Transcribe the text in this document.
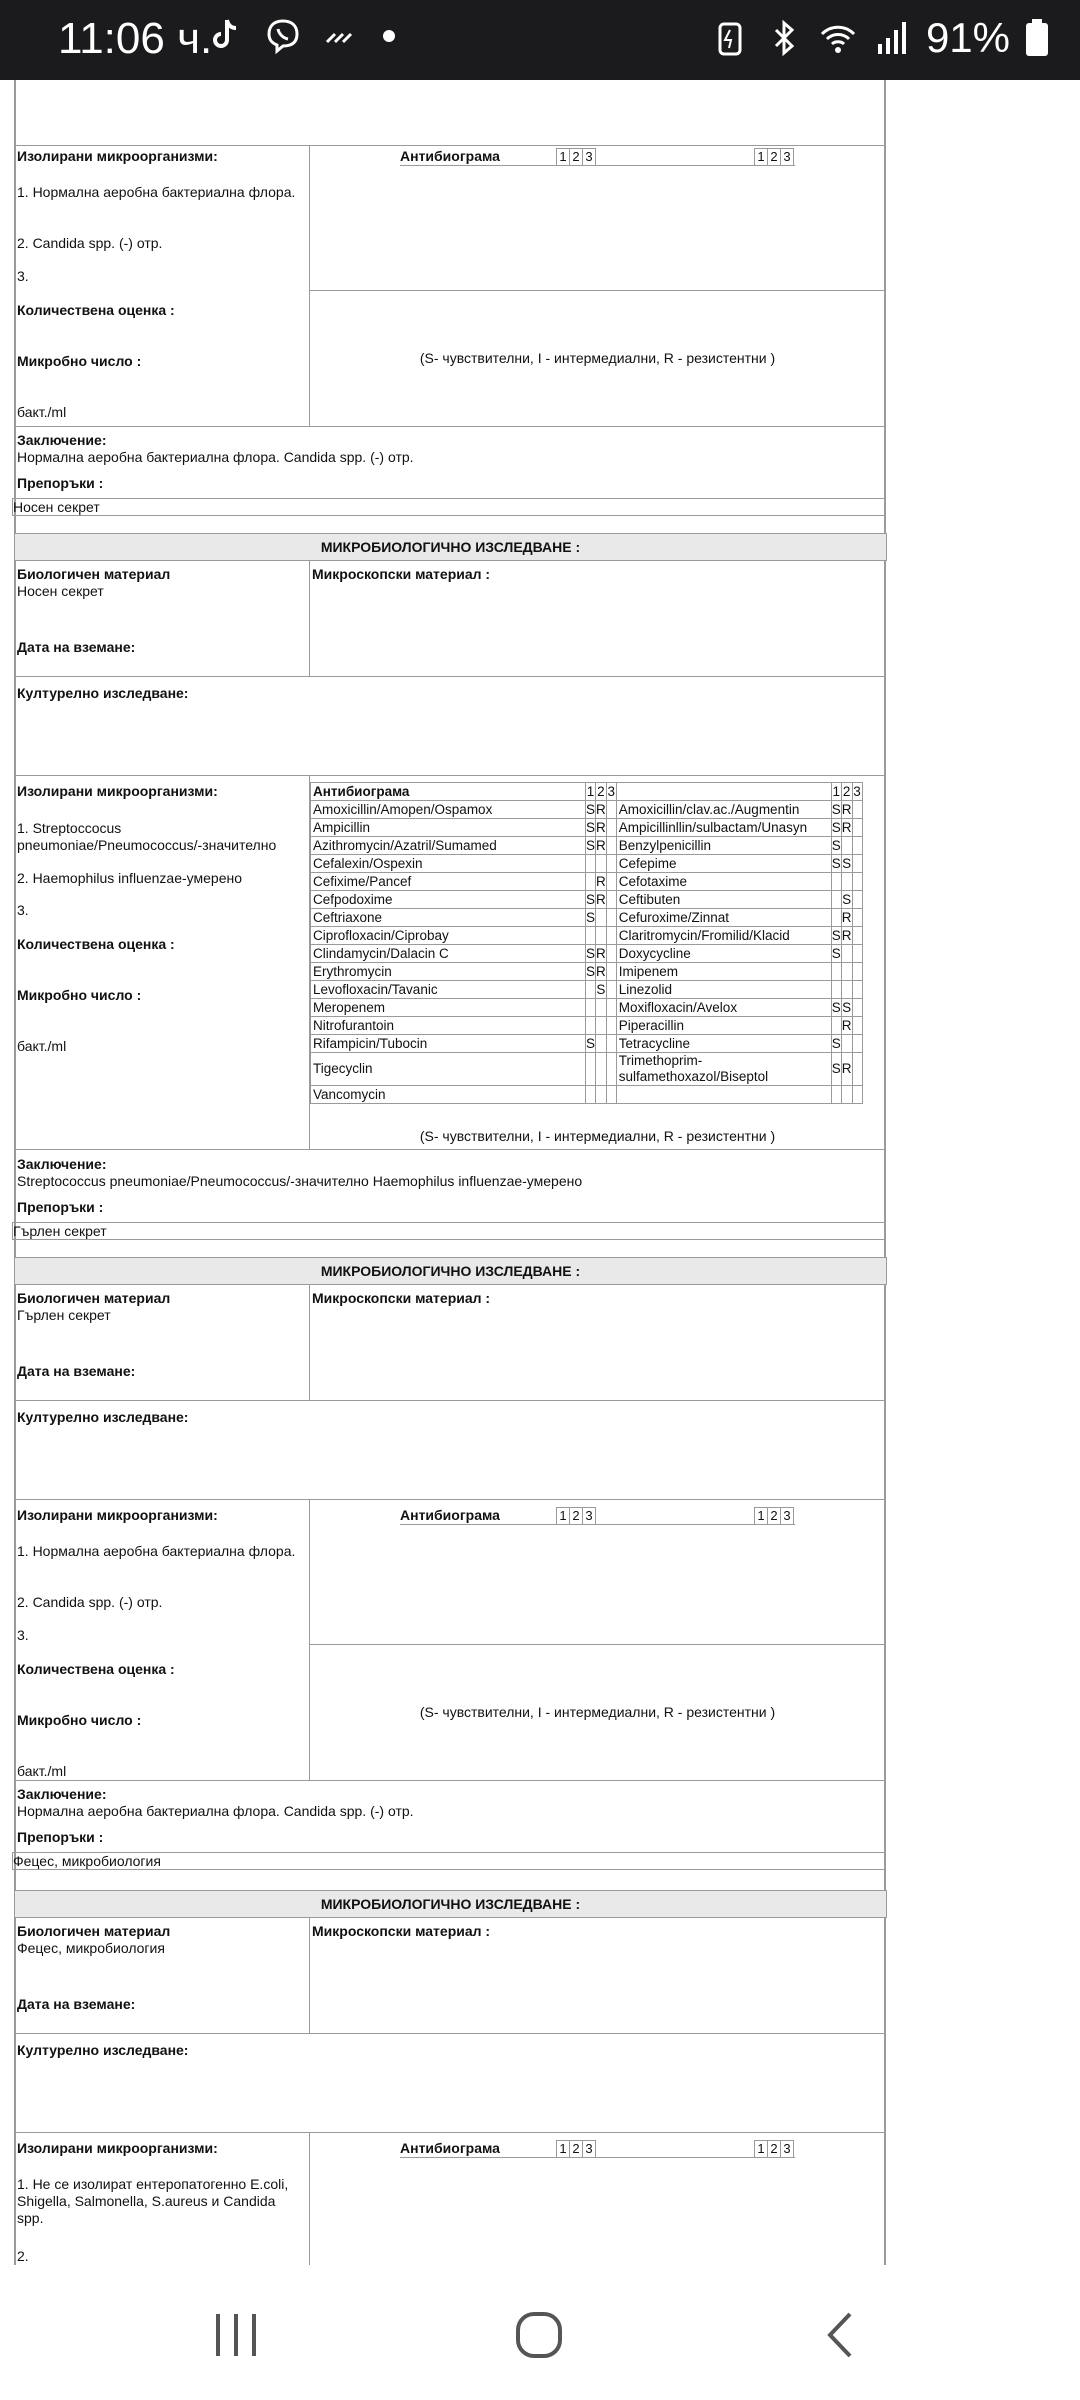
11:06 ч.	91%
Изолирани микроорганизми:
1. Нормална аеробна бактериална флора.
2. Candida spp. (-) отр.
3.
Количествена оценка :
Микробно число :
бакт./ml
Антибиограма	1 2 3	1 2 3
(S- чувствителни, I - интермедиални, R - резистентни )
Заключение:
Нормална аеробна бактериална флора. Candida spp. (-) отр.
Препоръки :
Носен секрет
МИКРОБИОЛОГИЧНО ИЗСЛЕДВАНЕ :
Биологичен материал
Носен секрет
Дата на вземане:
Микроскопски материал :
Културелно изследване:
Изолирани микроорганизми:
1. Streptoccocus pneumoniae/Pneumococcus/-значително
2. Haemophilus influenzae-умерено
3.
Количествена оценка :
Микробно число :
бакт./ml
Антибиограма	1	2	3		1	2	3
Amoxicillin/Amopen/Ospamox	S	R		Amoxicillin/clav.ac./Augmentin	S	R	
Ampicillin	S	R		Ampicillinllin/sulbactam/Unasyn	S	R	
Azithromycin/Azatril/Sumamed	S	R		Benzylpenicillin	S		
Cefalexin/Ospexin				Cefepime	S	S	
Cefixime/Pancef		R		Cefotaxime			
Cefpodoxime	S	R		Ceftibuten		S	
Ceftriaxone	S			Cefuroxime/Zinnat		R	
Ciprofloxacin/Ciprobay				Claritromycin/Fromilid/Klacid	S	R	
Clindamycin/Dalacin C	S	R		Doxycycline	S		
Erythromycin	S	R		Imipenem			
Levofloxacin/Tavanic		S		Linezolid			
Meropenem				Moxifloxacin/Avelox	S	S	
Nitrofurantoin				Piperacillin		R	
Rifampicin/Tubocin	S			Tetracycline	S		
Tigecyclin				Trimethoprim-sulfamethoxazol/Biseptol	S	R	
Vancomycin							
(S- чувствителни, I - интермедиални, R - резистентни )
Заключение:
Streptococcus pneumoniae/Pneumococcus/-значително Haemophilus influenzae-умерено
Препоръки :
Гърлен секрет
МИКРОБИОЛОГИЧНО ИЗСЛЕДВАНЕ :
Биологичен материал
Гърлен секрет
Дата на вземане:
Микроскопски материал :
Културелно изследване:
Изолирани микроорганизми:
1. Нормална аеробна бактериална флора.
2. Candida spp. (-) отр.
3.
Количествена оценка :
Микробно число :
бакт./ml
Антибиограма	1 2 3	1 2 3
(S- чувствителни, I - интермедиални, R - резистентни )
Заключение:
Нормална аеробна бактериална флора. Candida spp. (-) отр.
Препоръки :
Фецес, микробиология
МИКРОБИОЛОГИЧНО ИЗСЛЕДВАНЕ :
Биологичен материал
Фецес, микробиология
Дата на вземане:
Микроскопски материал :
Културелно изследване:
Изолирани микроорганизми:
1. Не се изолират ентеропатогенно E.coli, Shigella, Salmonella, S.aureus и Candida spp.
2.
Антибиограма	1 2 3	1 2 3
